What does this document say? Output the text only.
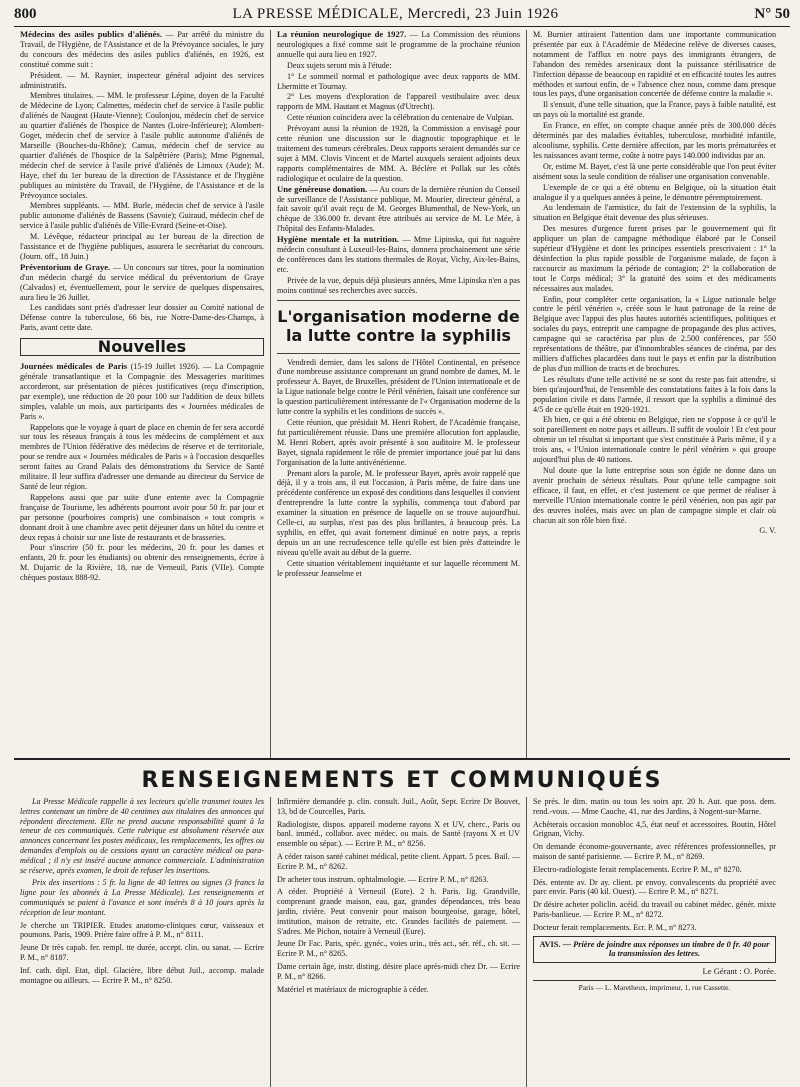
800	LA PRESSE MÉDICALE, Mercredi, 23 Juin 1926	N° 50

Médecins des asiles publics d'aliénés. — Par arrêté du ministre du Travail, de l'Hygiène, de l'Assistance et de la Prévoyance sociales, le jury du concours des médecins des asiles publics d'aliénés, en 1926, est constitué comme suit :

Président. — M. Raynier, inspecteur général adjoint des services administratifs.

Membres titulaires. — MM. le professeur Lépine, doyen de la Faculté de Médecine de Lyon; Calmettes, médecin chef de service à l'asile public d'aliénés de Naugeat (Haute-Vienne); Coulonjou, médecin chef de service au quartier d'aliénés de l'hospice de Nantes (Loire-Inférieure); Alombert-Goget, médecin chef de service à l'asile public autonome d'aliénés de Marseille (Bouches-du-Rhône); Camus, médecin chef de service au quartier d'aliénés de l'hospice de la Salpêtrière (Paris); Mme Pignemal, médecin chef de service à l'asile privé d'aliénés de Limoux (Aude); M. Haye, chef du 1er bureau de la direction de l'Assistance et de l'hygiène publiques au ministère du Travail, de l'Hygiène, de l'Assistance et de la Prévoyance sociales.

Membres suppléants. — MM. Burle, médecin chef de service à l'asile public autonome d'aliénés de Bassens (Savoie); Guiraud, médecin chef de service à l'asile public d'aliénés de Ville-Evrard (Seine-et-Oise).

M. Lévêque, rédacteur principal au 1er bureau de la direction de l'assistance et de l'hygiène publiques, assurera le secrétariat du concours. (Journ. off., 18 Juin.)

Préventorium de Graye. — Un concours sur titres, pour la nomination d'un médecin chargé du service médical du préventorium de Graye (Calvados) et, éventuellement, pour le service de quelques dispensaires, aura lieu le 26 Juillet.

Les candidats sont priés d'adresser leur dossier au Comité national de Défense contre la tuberculose, 66 bis, rue Notre-Dame-des-Champs, à Paris, avant cette date.

Nouvelles

Journées médicales de Paris (15-19 Juillet 1926). — La Compagnie générale transatlantique et la Compagnie des Messageries maritimes accorderont, sur présentation de pièces justificatives (reçu d'inscription, par exemple), une réduction de 20 pour 100 sur l'addition de deux billets simples, valable un mois, aux participants des « Journées médicales de Paris ».

Rappelons que le voyage à quart de place en chemin de fer sera accordé sur tous les réseaux français à tous les médecins de complément et aux membres de l'Union fédérative des médecins de réserve et de territoriale, pour se rendre aux « Journées médicales de Paris » à l'occasion desquelles seront faites au Grand Palais des démonstrations du Service de Santé militaire. Il leur suffira d'adresser une demande au directeur du Service de Santé de leur région.

Rappelons aussi que par suite d'une entente avec la Compagnie française de Tourisme, les adhérents pourront avoir pour 50 fr. par jour et par personne (pourboires compris) une combinaison « tout compris » donnant droit à une chambre avec petit déjeuner dans un hôtel du centre et deux repas à choisir sur une liste de restaurants et de brasseries.

Pour s'inscrire (50 fr. pour les médecins, 20 fr. pour les dames et enfants, 20 fr. pour les étudiants) ou obtenir des renseignements, écrire à M. Dujarric de la Rivière, 18, rue de Verneuil, Paris (VIIe). Compte chèques postaux 888-92.

La réunion neurologique de 1927. — La Commission des réunions neurologiques a fixé comme suit le programme de la prochaine réunion annuelle qui aura lieu en 1927.

Deux sujets seront mis à l'étude:

1° Le sommeil normal et pathologique avec deux rapports de MM. Lhermitte et Tournay.

2° Les moyens d'exploration de l'appareil vestibulaire avec deux rapports de MM. Hautant et Magnus (d'Utrecht).

Cette réunion coïncidera avec la célébration du centenaire de Vulpian.

Prévoyant aussi la réunion de 1928, la Commission a envisagé pour cette réunion une discussion sur le diagnostic topographique et le traitement des tumeurs cérébrales. Deux rapports seraient demandés sur ce sujet à MM. Clovis Vincent et de Martel auxquels seraient adjoints deux rapports complémentaires de MM. A. Béclère et Pollak sur les côtés radiologique et oculaire de la question.

Une généreuse donation. — Au cours de la dernière réunion du Conseil de surveillance de l'Assistance publique, M. Mourier, directeur général, a fait savoir qu'il avait reçu de M. Georges Blumenthal, de New-York, un chèque de 336.000 fr. devant être attribués au service de M. Le Mée, à l'hôpital des Enfants-Malades.

Hygiène mentale et la nutrition. — Mme Lipinska, qui fut naguère médecin consultant à Luxeuil-les-Bains, donnera prochainement une série de conférences dans les stations thermales de Royat, Vichy, Aix-les-Bains, etc.

Privée de la vue, depuis déjà plusieurs années, Mme Lipinska n'en a pas moins continué ses recherches avec succès.

L'organisation moderne de la lutte contre la syphilis

Vendredi dernier, dans les salons de l'Hôtel Continental, en présence d'une nombreuse assistance comprenant un grand nombre de dames, M. le professeur A. Bayet, de Bruxelles, président de l'Union internationale et de la Ligue nationale belge contre le Péril vénérien, faisait une conférence sur la question particulièrement intéressante de l'« Organisation moderne de la lutte contre la syphilis et les conditions de succès ».

Cette réunion, que présidait M. Henri Robert, de l'Académie française, fut particulièrement réussie. Dans une première allocution fort applaudie, M. Henri Robert, après avoir présenté à son auditoire M. le professeur Bayet, signala rapidement le rôle de premier importance joué par lui dans l'organisation de la lutte antivénérienne.

Prenant alors la parole, M. le professeur Bayet, après avoir rappelé que déjà, il y a trois ans, il eut l'occasion, à Paris même, de faire dans une précédente conférence un exposé des conditions dans lesquelles il convient d'entreprendre la lutte contre la syphilis, commença tout d'abord par examiner la situation en présence de laquelle on se trouve aujourd'hui. Celle-ci, au surplus, n'est pas des plus brillantes, à beaucoup près. La syphilis, en effet, qui avait fortement diminué en notre pays, a repris depuis un an une recrudescence telle qu'elle est bien près d'atteindre le niveau qu'elle avait au début de la guerre.

Cette situation véritablement inquiétante et sur laquelle récemment M. le professeur Jeanselme et

M. Burnier attiraient l'attention dans une importante communication présentée par eux à l'Académie de Médecine relève de diverses causes, notamment de l'afflux en notre pays des immigrants étrangers, de l'abandon des remèdes arsenicaux dont la puissance stérilisatrice de l'infection dépasse de beaucoup en rapidité et en efficacité toutes les autres méthodes et surtout enfin, de « l'absence chez nous, comme dans presque tous les pays, d'une organisation concertée de défense contre la maladie ».

Il s'ensuit, d'une telle situation, que la France, pays à faible natalité, est un pays où la mortalité est grande.

En France, en effet, on compte chaque année près de 300.000 décès déterminés par des maladies évitables, tuberculose, morbidité infantile, alcoolisme, syphilis. Cette dernière affection, par les morts prématurées et les naissances avant terme, coûte à notre pays 140.000 individus par an.

Or, estime M. Bayet, c'est là une perte considérable que l'on peut éviter aisément sous la seule condition de réaliser une organisation convenable.

L'exemple de ce qui a été obtenu en Belgique, où la situation était analogue il y a quelques années à peine, le démontre péremptoirement.

Au lendemain de l'armistice, du fait de l'extension de la syphilis, la situation en Belgique était devenue des plus sérieuses.

Des mesures d'urgence furent prises par le gouvernement qui fit appliquer un plan de campagne méthodique élaboré par le Conseil supérieur d'Hygiène et dont les principes essentiels prescrivaient : 1° la désinfection la plus rapide possible de l'organisme malade, de façon à raccourcir au maximum la période de contagion; 2° la collaboration de tout le Corps médical; 3° la gratuité des soins et des médicaments nécessaires aux malades.

Enfin, pour compléter cette organisation, la « Ligue nationale belge contre le péril vénérien », créée sous le haut patronage de la reine de Belgique avec l'appui des plus hautes autorités scientifiques, politiques et sociales du pays, entreprit une campagne de propagande des plus actives, campagne qui se caractérisa par plus de 2.500 conférences, par 550 représentations de théâtre, par d'innombrables séances de cinéma, par des milliers d'affiches placardées dans tout le pays et enfin par la distribution de plus d'un million de tracts et de brochures.

Les résultats d'une telle activité ne se sont du reste pas fait attendre, si bien qu'aujourd'hui, de l'ensemble des constatations faites à la fois dans la population civile et dans l'armée, il ressort que la syphilis a diminué des 4/5 de ce qu'elle était en 1920-1921.

Eh bien, ce qui a été obtenu en Belgique, rien ne s'oppose à ce qu'il le soit pareillement en notre pays et ailleurs. Il suffit de vouloir ! Et c'est pour obtenir un tel résultat si important que s'est constituée à Paris même, il y a trois ans, « l'Union internationale contre le péril vénérien » qui groupe aujourd'hui plus de 40 nations.

Nul doute que la lutte entreprise sous son égide ne donne dans un avenir prochain de sérieux résultats. Pour qu'une telle campagne soit efficace, il faut, en effet, et c'est justement ce que permet de réaliser à merveille l'Union internationale contre le péril vénérien, non pas agir par des œuvres isolées, mais avec un plan de campagne simple et clair où chacun ait son rôle bien fixé.

G. V.

RENSEIGNEMENTS ET COMMUNIQUÉS

La Presse Médicale rappelle à ses lecteurs qu'elle transmet toutes les lettres contenant un timbre de 40 centimes aux titulaires des annonces qui répondent directement. Elle ne prend aucune responsabilité quant à la teneur de ces communiqués. Cette rubrique est absolument réservée aux annonces concernant les postes médicaux, les remplacements, les offres ou demandes d'emplois ou de cessions ayant un caractère médical ou para-médical ; il n'y est inséré aucune annonce commerciale. L'administration se réserve, après examen, le droit de refuser les insertions.

Prix des insertions : 5 fr. la ligne de 40 lettres ou signes (3 francs la ligne pour les abonnés à La Presse Médicale). Les renseignements et communiqués se paient à l'avance et sont insérés 8 à 10 jours après la réception de leur montant.

Je cherche un TRIPIER. Etudes anatomo-cliniques cœur, vaisseaux et poumons. Paris, 1909. Prière faire offre à P. M., n° 8111.

Jeune Dr très capab. fer. rempl. tte durée, accept. clin. ou sanat. — Ecrire P. M., n° 8187.

Inf. cath. dipl. Etat, dipl. Glacière, libre début Juil., accomp. malade montagne ou ailleurs. — Ecrire P. M., n° 8250.

Infirmière demandée p. clin. consult. Juil., Août, Sept. Ecrire Dr Bouvet, 13, bd de Courcelles, Paris.

Radiologiste, dispos. appareil moderne rayons X et UV, cherc., Paris ou banl. imméd., collabor. avec médec. ou mais. de Santé (rayons X et UV ensemble ou sépar.). — Ecrire P. M., n° 8256.

A céder raison santé cabinet médical, petite client. Appart. 5 pces. Bail. — Ecrire P. M., n° 8262.

Dr acheter tous instrum. ophtalmologie. — Ecrire P. M., n° 8263.

A céder. Propriété à Verneuil (Eure). 2 h. Paris. Iig. Grandville, comprenant grande maison, eau, gaz, grandes dépendances, très beau jardin, rivière. Peut convenir pour maison bourgeoise, garage, hôtel, institution, maison de retraite, etc. Grandes facilités de paiement. — S'adres. Me Pichon, notaire à Verneuil (Eure).

Jeune Dr Fac. Paris, spéc. gynéc., voies urin., très act., sér. réf., ch. sit. — Ecrire P. M., n° 8265.

Dame certain âge, instr. disting. désire place après-midi chez Dr. — Ecrire P. M., n° 8266.

Matériel et matériaux de micrographie à céder.

Se prés. le dim. matin ou tous les soirs apr. 20 h. Aut. que poss. dem. rend.-vous. — Mme Cauche, 41, rue des Jardins, à Nogent-sur-Marne.

Achèterais occasion monobloc 4,5, état neuf et accessoires. Boutin, Hôtel Grignan, Vichy.

On demande économe-gouvernante, avec références professionnelles, pr maison de santé parisienne. — Ecrire P. M., n° 8269.

Electro-radiologiste ferait remplacements. Ecrire P. M., n° 8270.

Dés. entente av. Dr ay. client. pr envoy. convalescents du propriété avec parc envir. Paris (40 kil. Ouest). — Ecrire P. M., n° 8271.

Dr désire acheter policlin. acéid. du travail ou cabinet médec. génér. mixte Paris-banlieue. — Ecrire P. M., n° 8272.

Docteur ferait remplacements. Ecr. P. M., n° 8273.

AVIS. — Prière de joindre aux réponses un timbre de 0 fr. 40 pour la transmission des lettres.
Le Gérant : O. Porée.
Paris — L. Maretheux, imprimeur, 1, rue Cassette.
